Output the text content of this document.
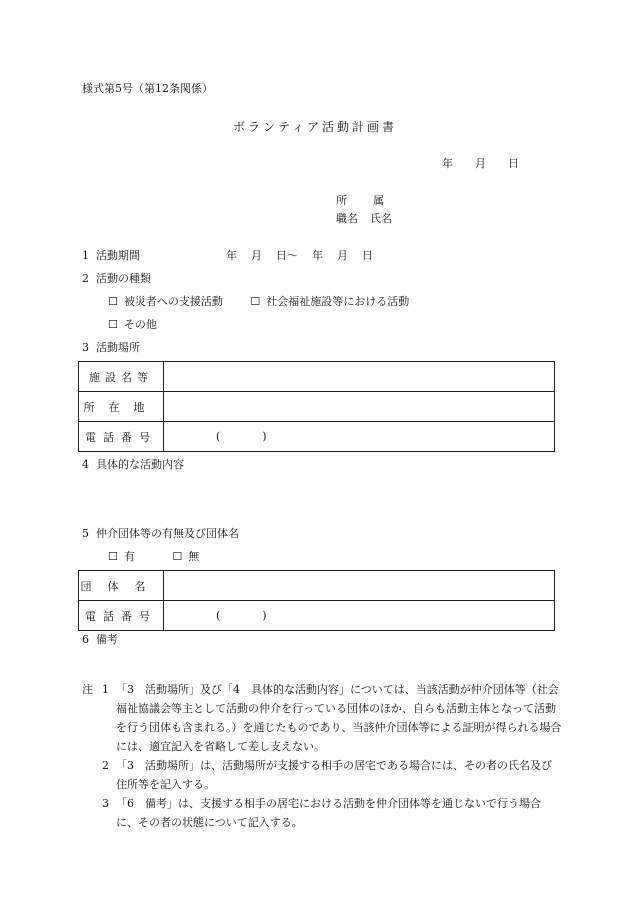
様式第5号（第12条関係）
ボランティア活動計画書
年 月 日
所属
職名 氏名
1 活動期間	年 月 日〜 年 月 日
2 活動の種類
☐ 被災者への支援活動	☐ 社会福祉施設等における活動
☐ その他
3 活動場所
施設名等	
所在地	
電話番号	( )
4 具体的な活動内容
5 仲介団体等の有無及び団体名
☐ 有	☐ 無
団体名	
電話番号	( )
6 備考
注 1 「3　活動場所」及び「4　具体的な活動内容」については、当該活動が仲介団体等（社会福祉協議会等主として活動の仲介を行っている団体のほか、自らも活動主体となって活動を行う団体も含まれる。）を通じたものであり、当該仲介団体等による証明が得られる場合には、適宜記入を省略して差し支えない。
2 「3　活動場所」は、活動場所が支援する相手の居宅である場合には、その者の氏名及び住所等を記入する。
3 「6　備考」は、支援する相手の居宅における活動を仲介団体等を通じないで行う場合に、その者の状態について記入する。
